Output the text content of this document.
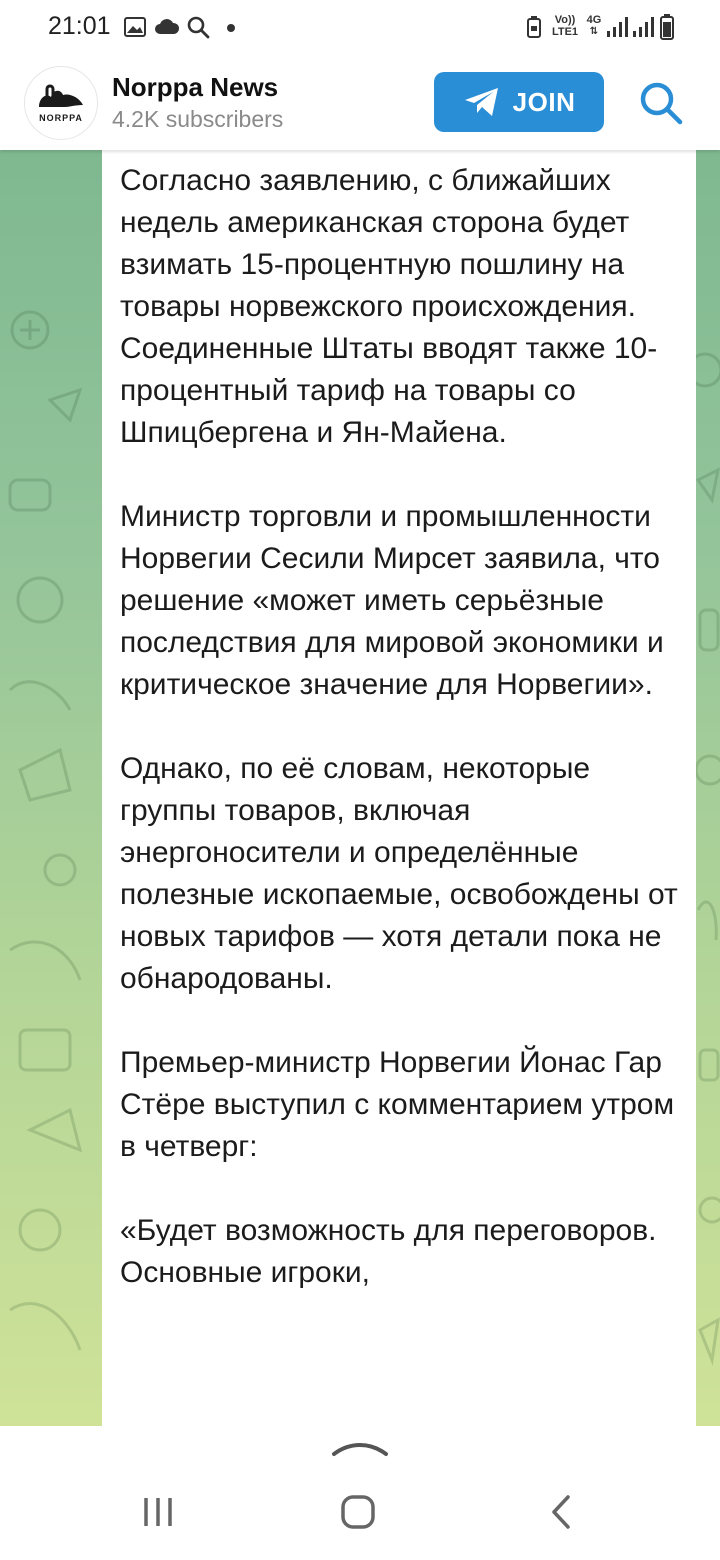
21:01	Vo))
LTE1
4G
⇅
NORPPA
Norppa News
4.2K subscribers
JOIN
Согласно заявлению, с ближайших недель американская сторона будет взимать 15-процентную пошлину на товары норвежского происхождения.
Соединенные Штаты вводят также 10-процентный тариф на товары со Шпицбергена и Ян-Майена.

Министр торговли и промышленности Норвегии Сесили Мирсет заявила, что решение «может иметь серьёзные последствия для мировой экономики и критическое значение для Норвегии».

Однако, по её словам, некоторые группы товаров, включая энергоносители и определённые полезные ископаемые, освобождены от новых тарифов — хотя детали пока не обнародованы.

Премьер-министр Норвегии Йонас Гар Стёре выступил с комментарием утром в четверг:

«Будет возможность для переговоров. Основные игроки,
